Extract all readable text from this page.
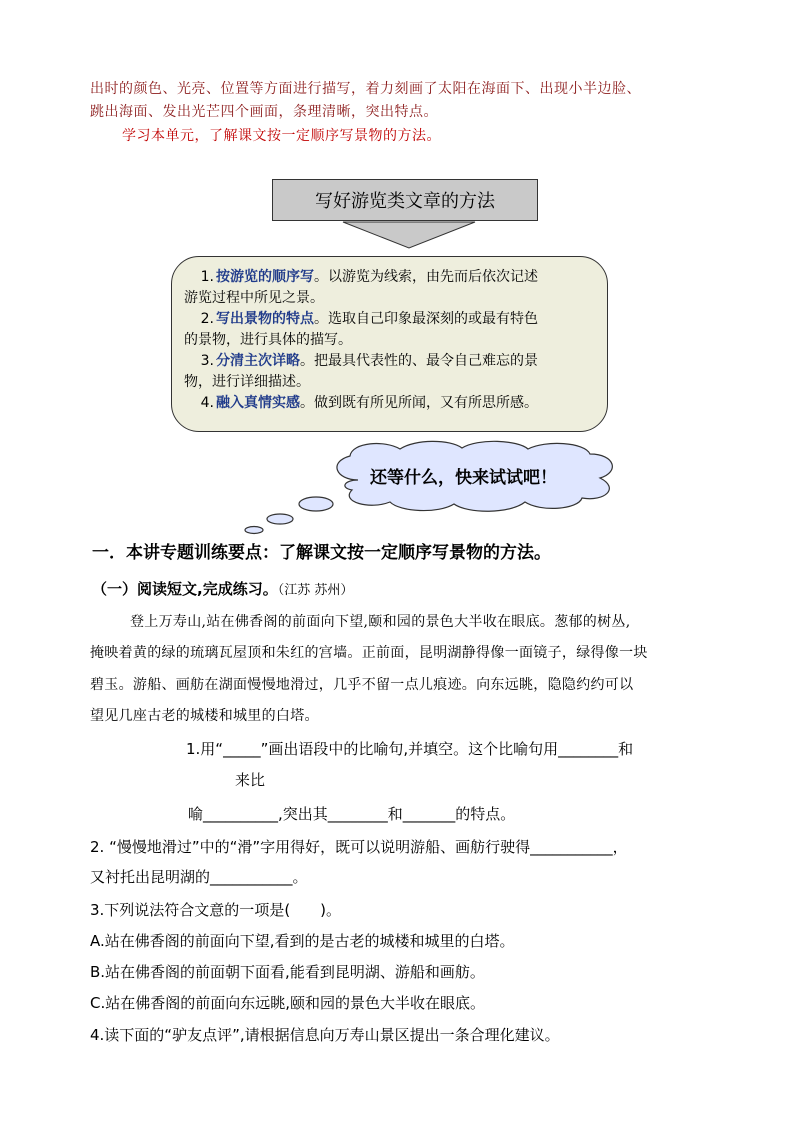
出时的颜色、光亮、位置等方面进行描写，着力刻画了太阳在海面下、出现小半边脸、
跳出海面、发出光芒四个画面，条理清晰，突出特点。
学习本单元，了解课文按一定顺序写景物的方法。
写好游览类文章的方法

1. 按游览的顺序写。以游览为线索，由先而后依次记述

游览过程中所见之景。

2. 写出景物的特点。选取自己印象最深刻的或最有特色

的景物，进行具体的描写。

3. 分清主次详略。把最具代表性的、最令自己难忘的景

物，进行详细描述。

4. 融入真情实感。做到既有所见所闻，又有所思所感。

还等什么，快来试试吧！
一．本讲专题训练要点：了解课文按一定顺序写景物的方法。
（一）阅读短文,完成练习。（江苏 苏州）
登上万寿山,站在佛香阁的前面向下望,颐和园的景色大半收在眼底。葱郁的树丛,
掩映着黄的绿的琉璃瓦屋顶和朱红的宫墙。正前面，昆明湖静得像一面镜子，绿得像一块
碧玉。游船、画舫在湖面慢慢地滑过，几乎不留一点儿痕迹。向东远眺，隐隐约约可以
望见几座古老的城楼和城里的白塔。
1.用“_____”画出语段中的比喻句,并填空。这个比喻句用________和
来比
喻__________,突出其________和_______的特点。
2. “慢慢地滑过”中的“滑”字用得好，既可以说明游船、画舫行驶得___________，
又衬托出昆明湖的___________。
3.下列说法符合文意的一项是(　　)。
A.站在佛香阁的前面向下望,看到的是古老的城楼和城里的白塔。
B.站在佛香阁的前面朝下面看,能看到昆明湖、游船和画舫。
C.站在佛香阁的前面向东远眺,颐和园的景色大半收在眼底。
4.读下面的“驴友点评”,请根据信息向万寿山景区提出一条合理化建议。
